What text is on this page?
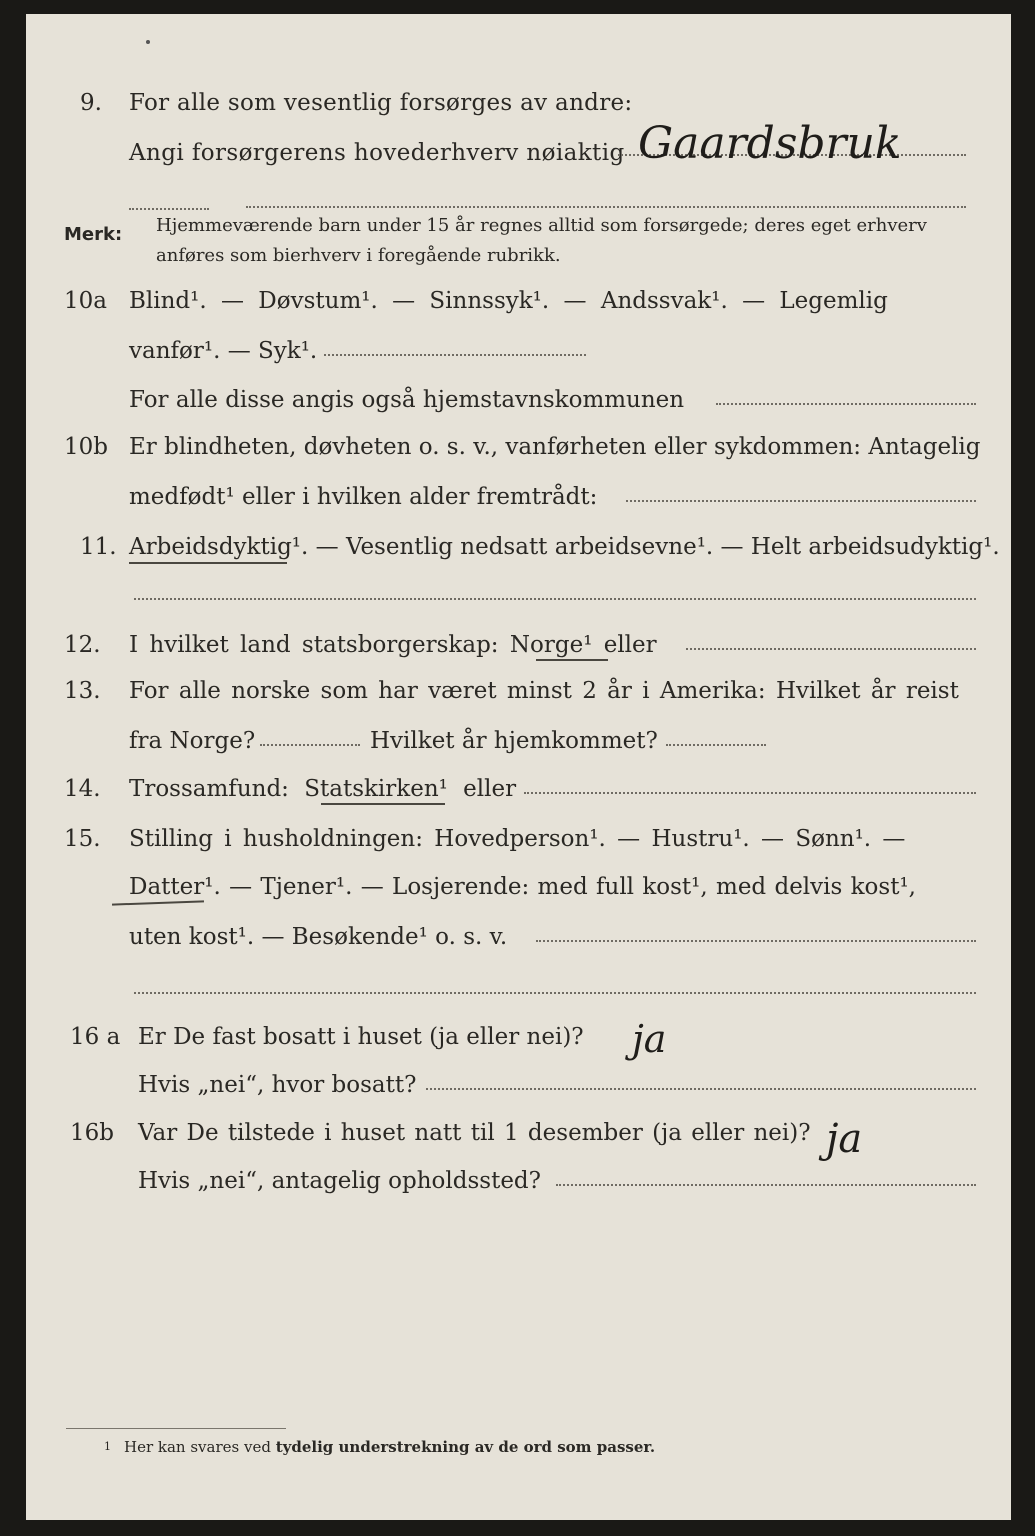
9. For alle som vesentlig forsørges av andre:
Angi forsørgerens hovederhverv nøiaktig Gaardsbruk
Merk: Hjemmeværende barn under 15 år regnes alltid som forsørgede; deres eget erhverv
anføres som bierhverv i foregående rubrikk.
10a Blind¹. — Døvstum¹. — Sinnssyk¹. — Andssvak¹. — Legemlig
vanfør¹. — Syk¹.
For alle disse angis også hjemstavnskommunen
10b Er blindheten, døvheten o. s. v., vanførheten eller sykdommen: Antagelig
medfødt¹ eller i hvilken alder fremtrådt:
11. Arbeidsdyktig¹. — Vesentlig nedsatt arbeidsevne¹. — Helt arbeidsudyktig¹.
12. I hvilket land statsborgerskap: Norge¹ eller
13. For alle norske som har været minst 2 år i Amerika: Hvilket år reist
fra Norge?	Hvilket år hjemkommet?
14. Trossamfund: Statskirken¹ eller
15. Stilling i husholdningen: Hovedperson¹. — Hustru¹. — Sønn¹. —
Datter¹. — Tjener¹. — Losjerende: med full kost¹, med delvis kost¹,
uten kost¹. — Besøkende¹ o. s. v.
16 a Er De fast bosatt i huset (ja eller nei)? ja
Hvis „nei“, hvor bosatt?
16b Var De tilstede i huset natt til 1 desember (ja eller nei)? ja
Hvis „nei“, antagelig opholdssted?
1 Her kan svares ved tydelig understrekning av de ord som passer.
